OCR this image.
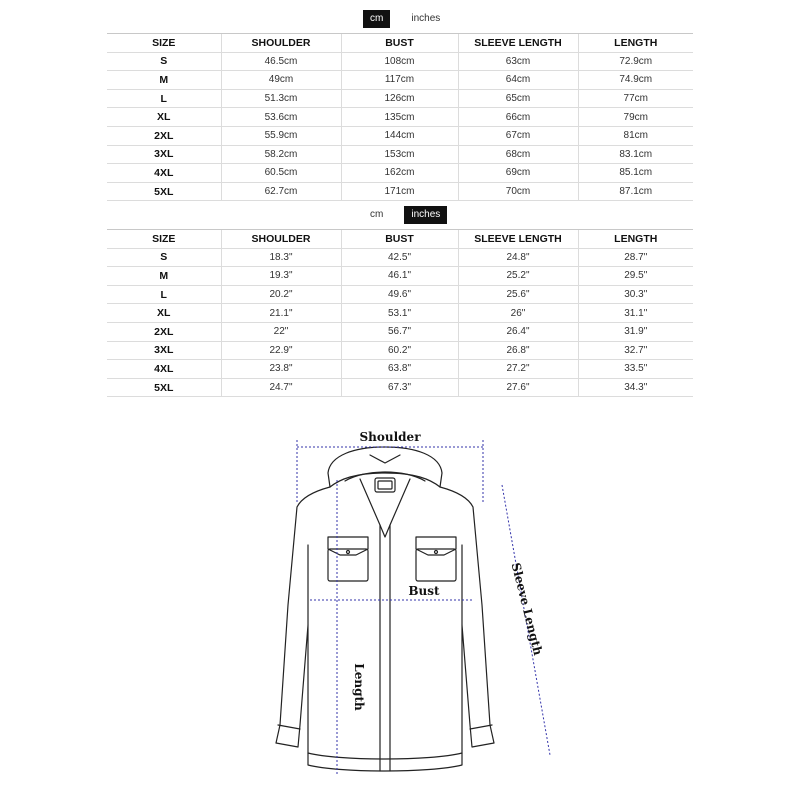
cm	inches
SIZE	SHOULDER	BUST	SLEEVE LENGTH	LENGTH
S	46.5cm	108cm	63cm	72.9cm
M	49cm	117cm	64cm	74.9cm
L	51.3cm	126cm	65cm	77cm
XL	53.6cm	135cm	66cm	79cm
2XL	55.9cm	144cm	67cm	81cm
3XL	58.2cm	153cm	68cm	83.1cm
4XL	60.5cm	162cm	69cm	85.1cm
5XL	62.7cm	171cm	70cm	87.1cm
cm	inches
SIZE	SHOULDER	BUST	SLEEVE LENGTH	LENGTH
S	18.3"	42.5"	24.8"	28.7"
M	19.3"	46.1"	25.2"	29.5"
L	20.2"	49.6"	25.6"	30.3"
XL	21.1"	53.1"	26"	31.1"
2XL	22"	56.7"	26.4"	31.9"
3XL	22.9"	60.2"	26.8"	32.7"
4XL	23.8"	63.8"	27.2"	33.5"
5XL	24.7"	67.3"	27.6"	34.3"
Shoulder
Bust	Sleeve Length
Length
